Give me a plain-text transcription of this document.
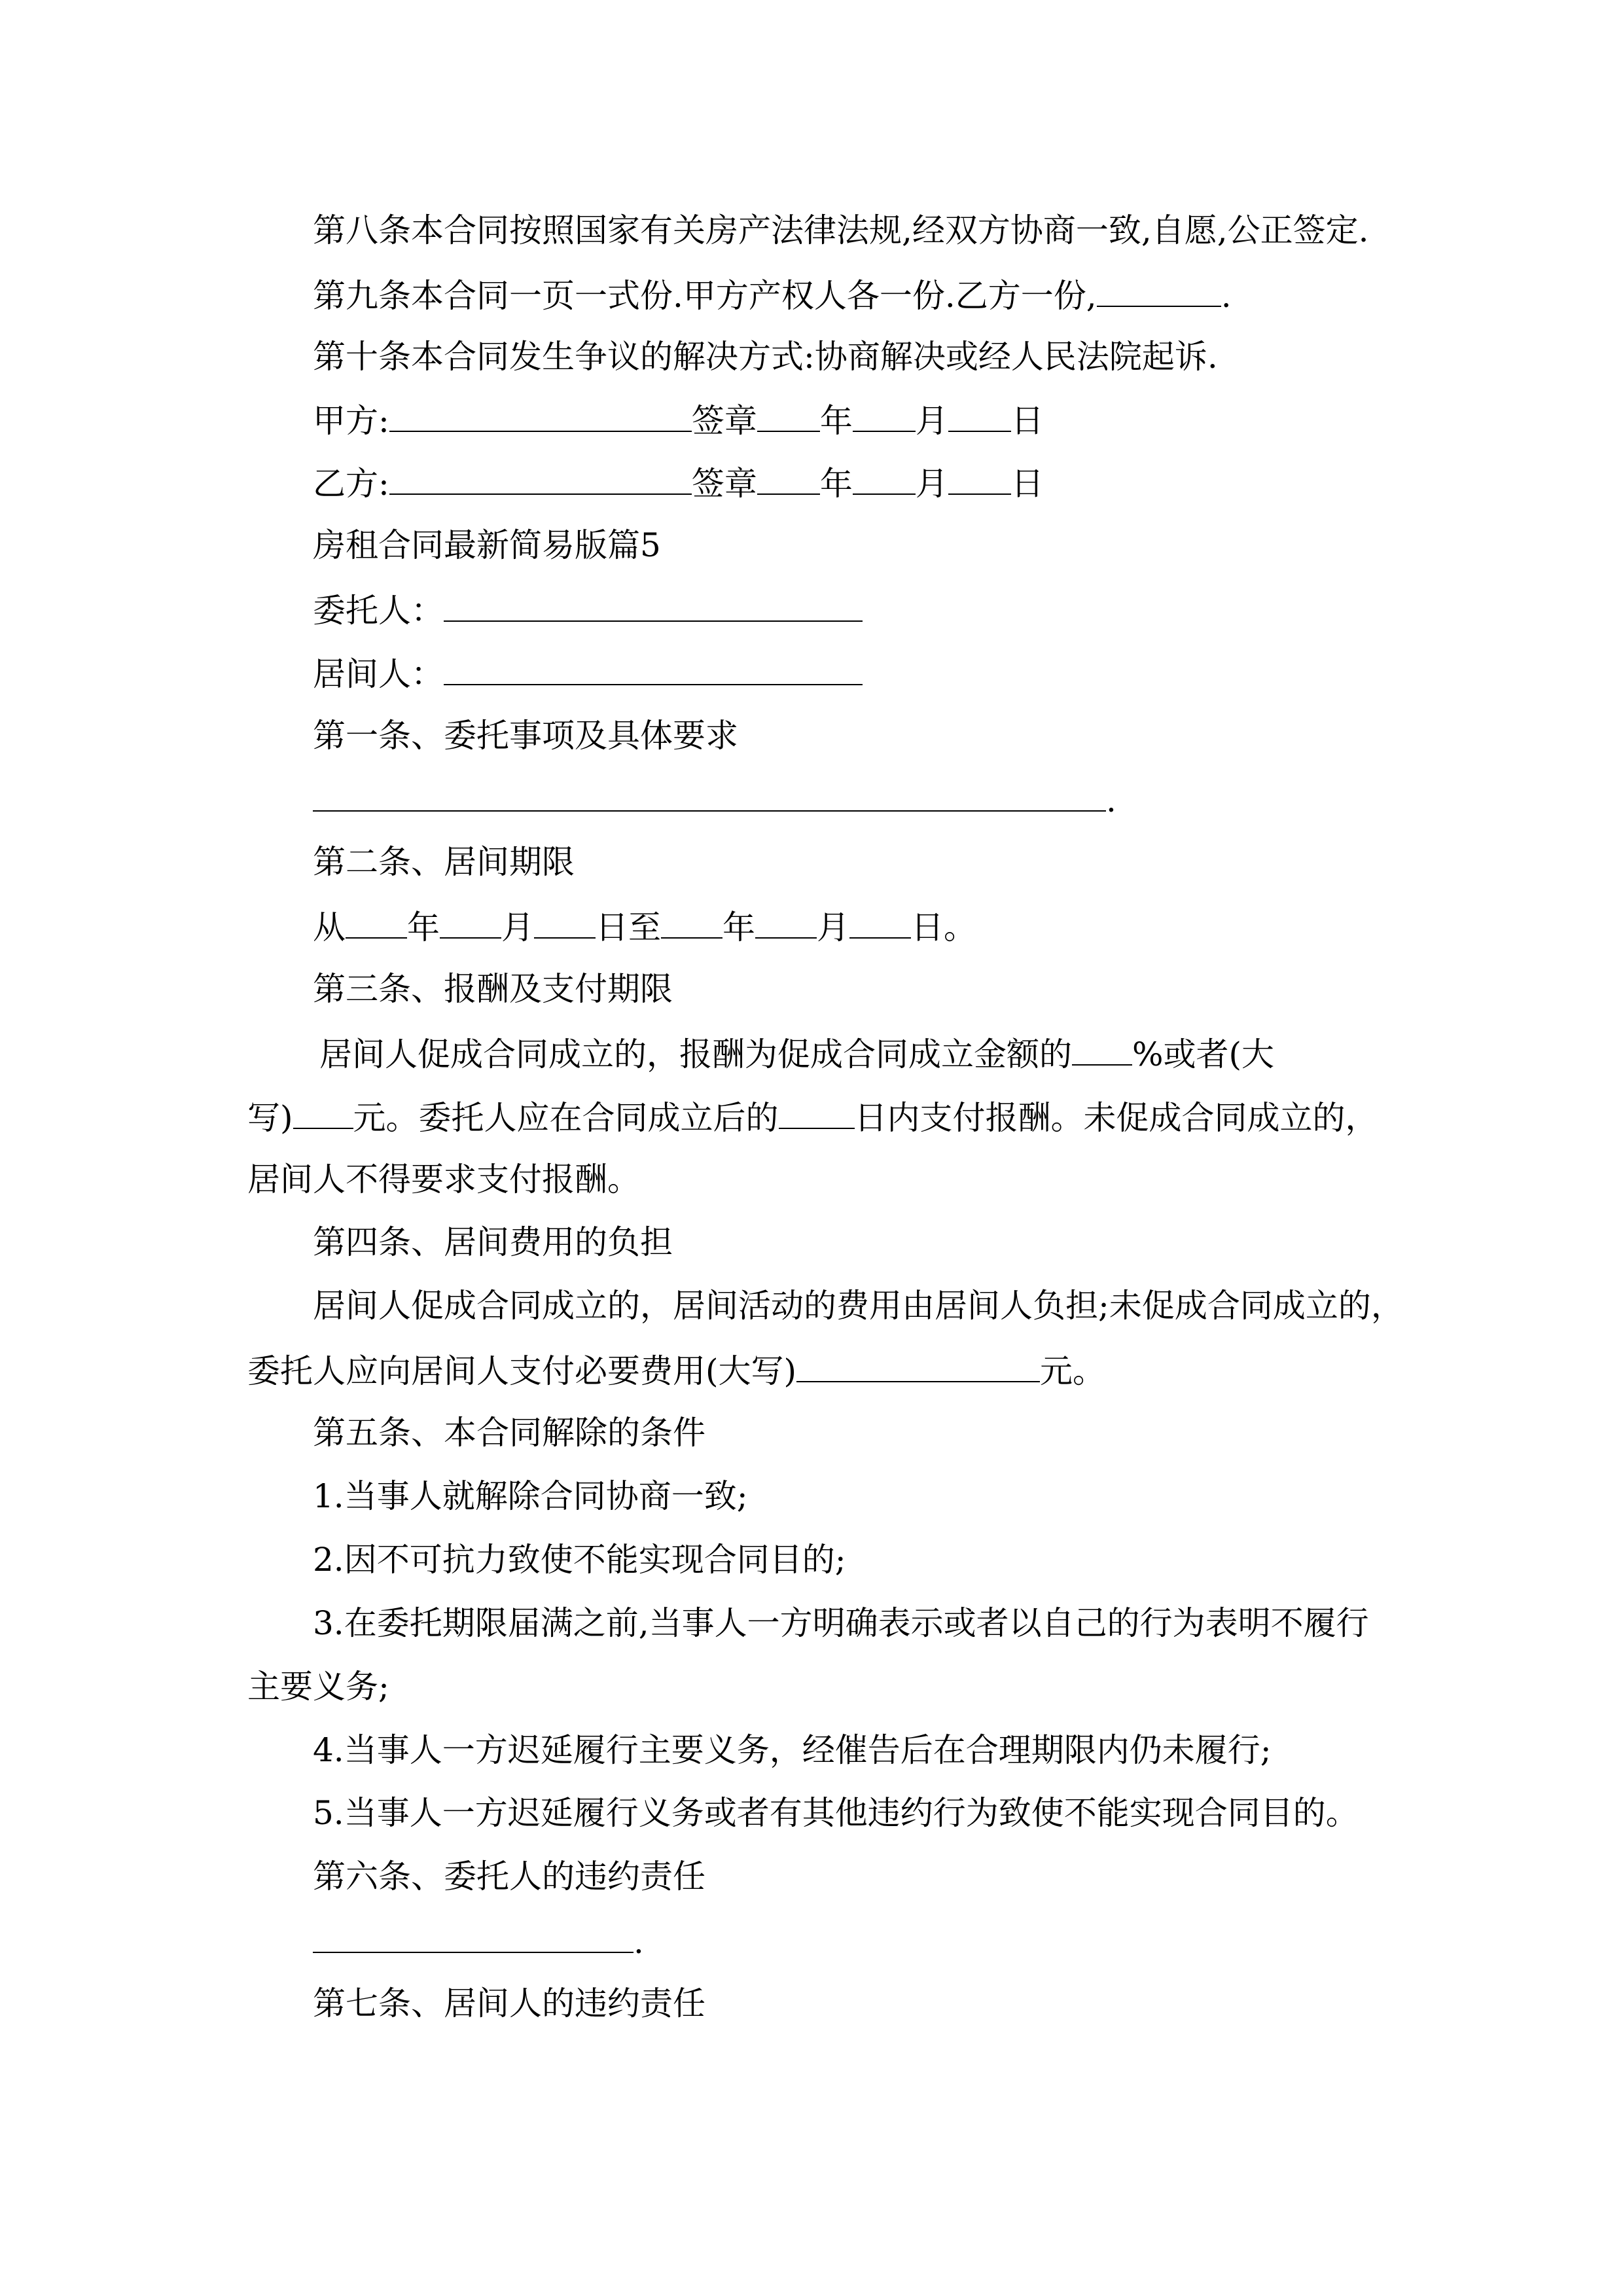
第八条本合同按照国家有关房产法律法规,经双方协商一致,自愿,公正签定.
第九条本合同一页一式份.甲方产权人各一份.乙方一份,	.
第十条本合同发生争议的解决方式:协商解决或经人民法院起诉.
甲方:	签章 年 月 日
乙方:	签章 年 月 日
房租合同最新简易版篇5
委托人：
居间人：
第一条、委托事项及具体要求
.
第二条、居间期限
从 年 月 日至 年 月 日。
第三条、报酬及支付期限
居间人促成合同成立的，报酬为促成合同成立金额的 %或者(大
写) 元。委托人应在合同成立后的 日内支付报酬。未促成合同成立的，
居间人不得要求支付报酬。
第四条、居间费用的负担
居间人促成合同成立的，居间活动的费用由居间人负担;未促成合同成立的，
委托人应向居间人支付必要费用(大写)	元。
第五条、本合同解除的条件
1.当事人就解除合同协商一致;
2.因不可抗力致使不能实现合同目的;
3.在委托期限届满之前,当事人一方明确表示或者以自己的行为表明不履行
主要义务;
4.当事人一方迟延履行主要义务，经催告后在合理期限内仍未履行;
5.当事人一方迟延履行义务或者有其他违约行为致使不能实现合同目的。
第六条、委托人的违约责任
.
第七条、居间人的违约责任
